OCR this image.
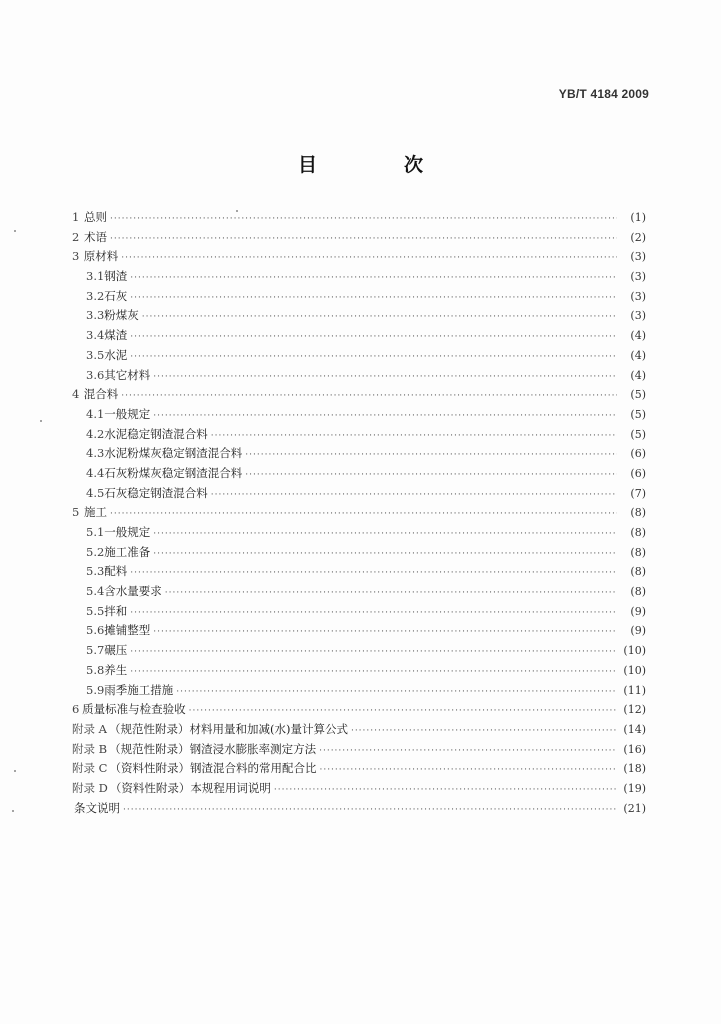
YB/T 4184 2009
目　次
1 总则 ·····	(1)
2 术语 ·····	(2)
3 原材料 ·····	(3)
3.1 钢渣 ·····	(3)
3.2 石灰 ·····	(3)
3.3 粉煤灰 ·····	(3)
3.4 煤渣 ·····	(4)
3.5 水泥 ·····	(4)
3.6 其它材料 ·····	(4)
4 混合料 ·····	(5)
4.1 一般规定 ·····	(5)
4.2 水泥稳定钢渣混合料 ·····	(5)
4.3 水泥粉煤灰稳定钢渣混合料 ·····	(6)
4.4 石灰粉煤灰稳定钢渣混合料 ·····	(6)
4.5 石灰稳定钢渣混合料 ·····	(7)
5 施工 ·····	(8)
5.1 一般规定 ·····	(8)
5.2 施工准备 ·····	(8)
5.3 配料 ·····	(8)
5.4 含水量要求 ·····	(8)
5.5 拌和 ·····	(9)
5.6 摊铺整型 ·····	(9)
5.7 碾压 ·····	(10)
5.8 养生 ·····	(10)
5.9 雨季施工措施 ·····	(11)
6 质量标准与检查验收 ·····	(12)
附录 A （规范性附录）材料用量和加减(水)量计算公式 ·····	(14)
附录 B （规范性附录）钢渣浸水膨胀率测定方法 ·····	(16)
附录 C （资料性附录）钢渣混合料的常用配合比 ·····	(18)
附录 D （资料性附录）本规程用词说明 ·····	(19)
条文说明 ·····	(21)
